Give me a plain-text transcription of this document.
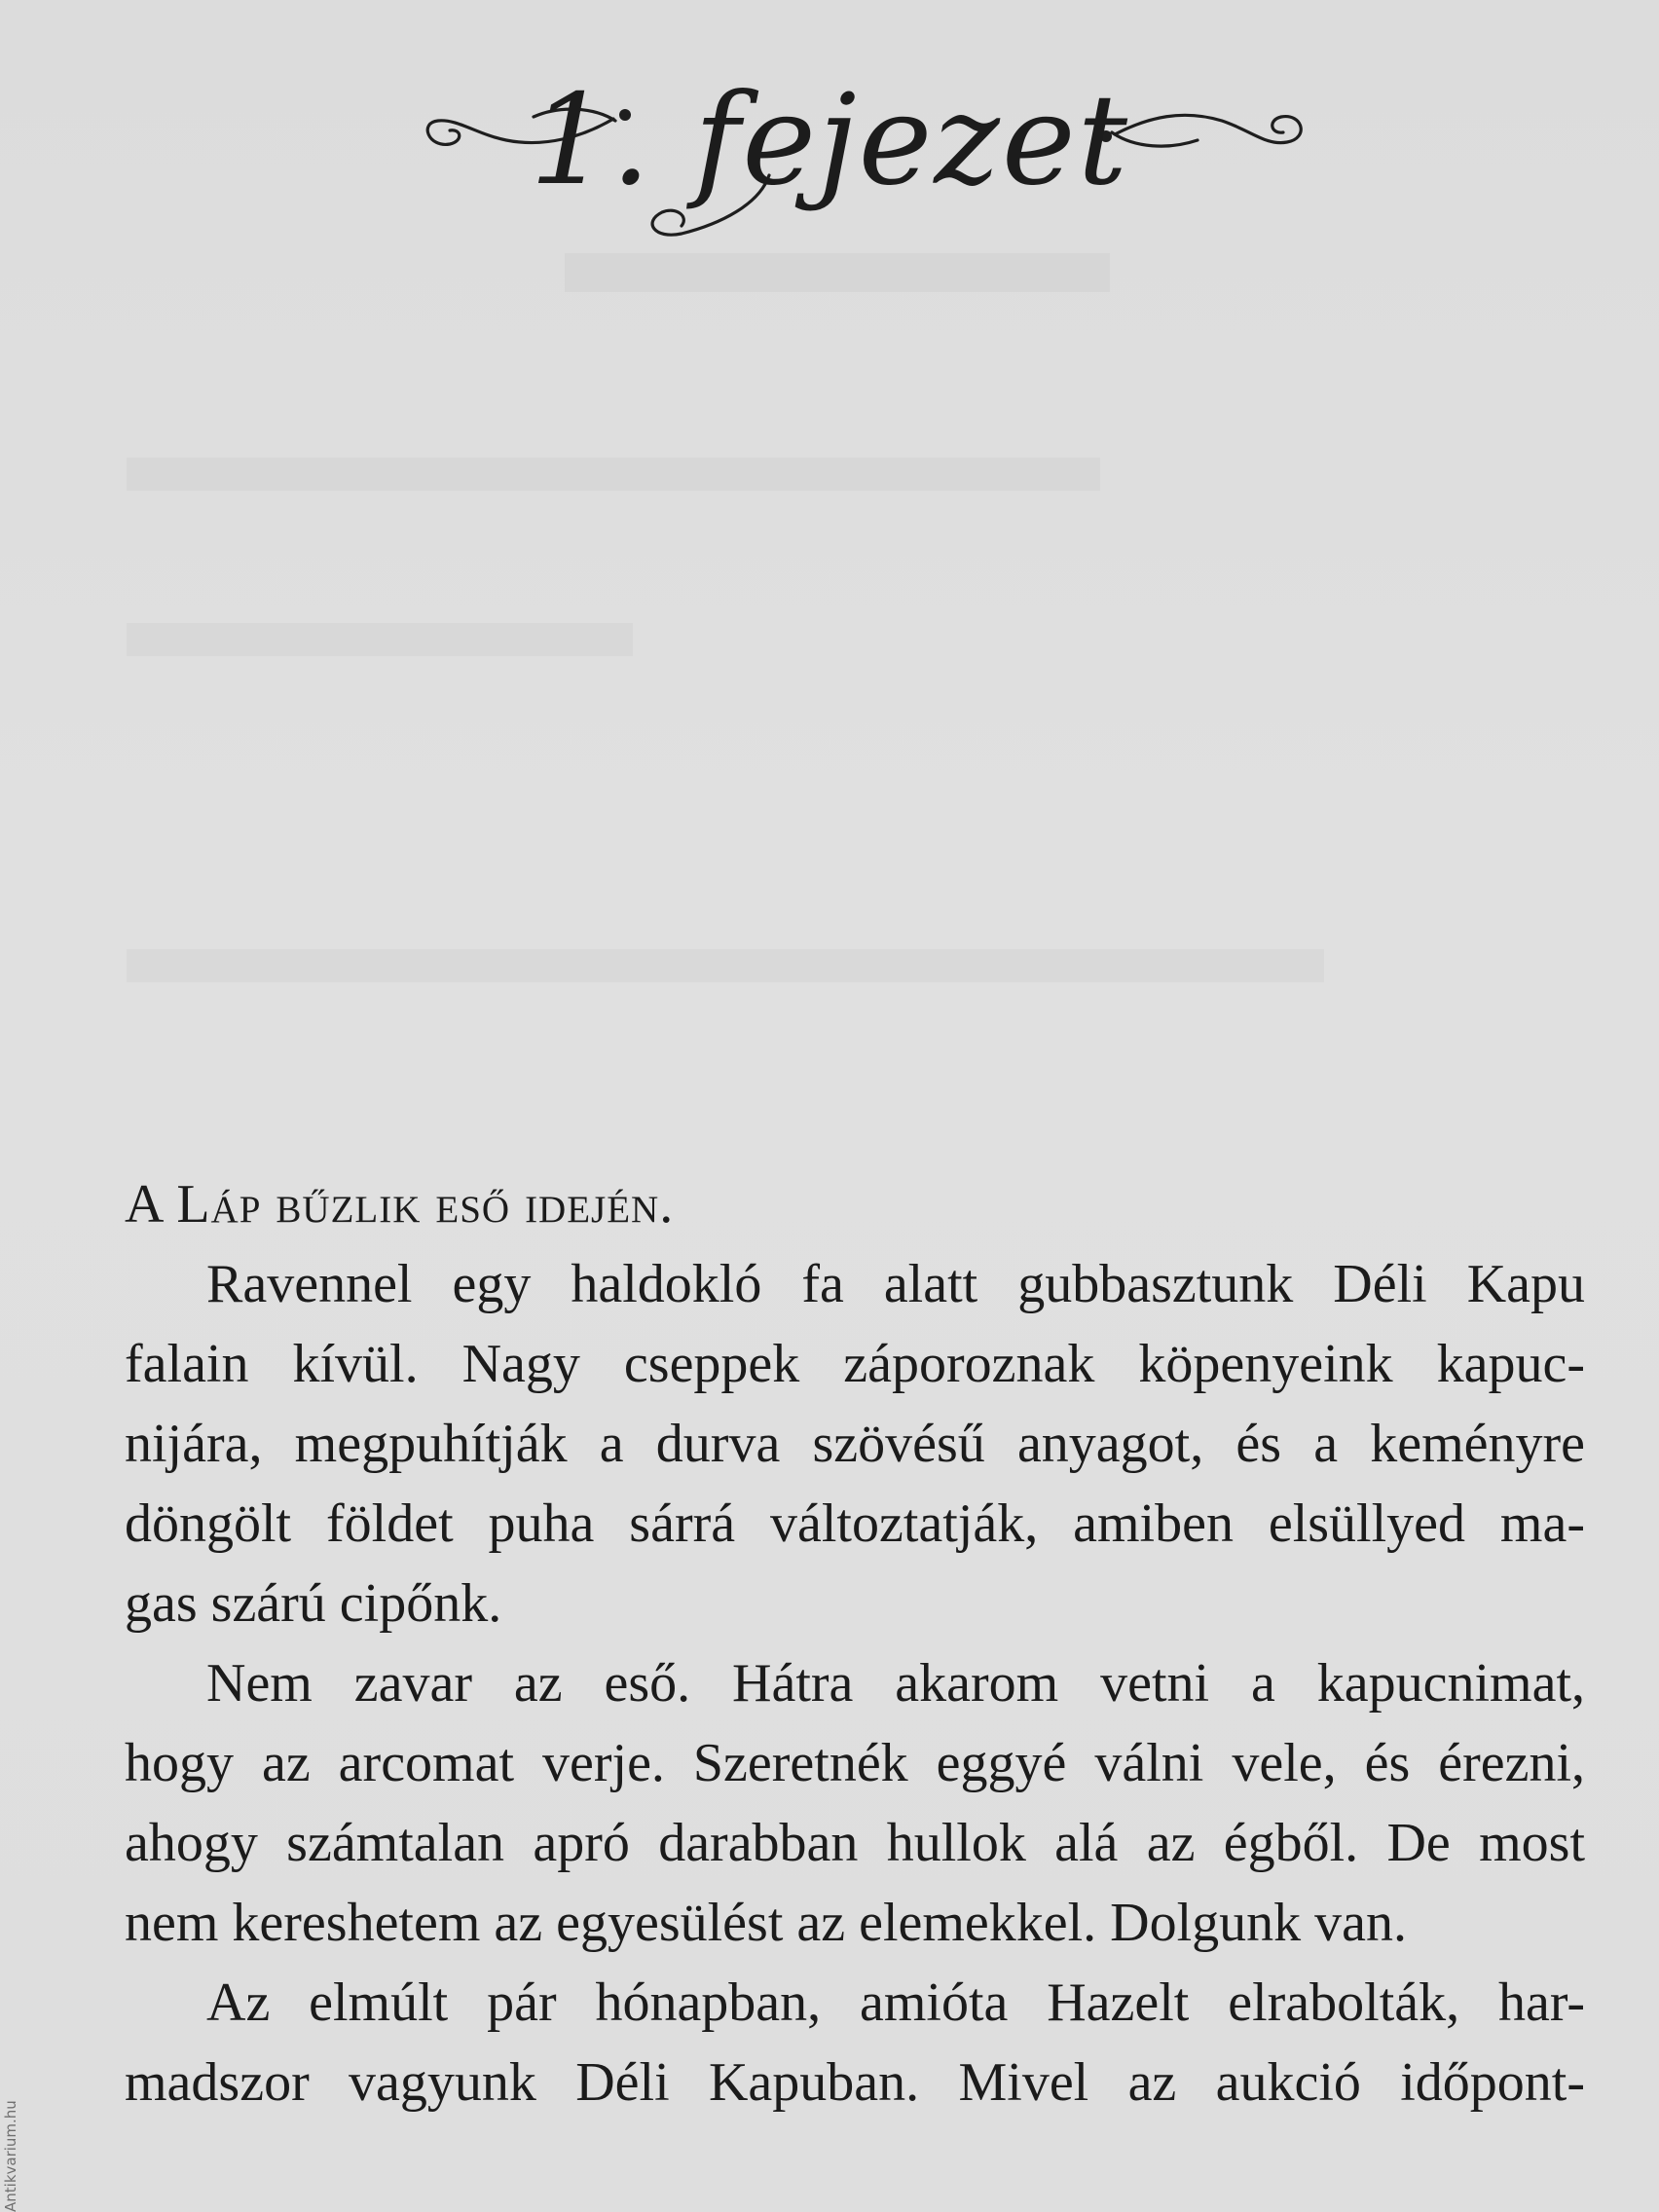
1. fejezet

A Láp bűzlik eső idején.

Ravennel egy haldokló fa alatt gubbasztunk Déli Kapu

falain kívül. Nagy cseppek záporoznak köpenyeink kapuc-

nijára, megpuhítják a durva szövésű anyagot, és a keményre

döngölt földet puha sárrá változtatják, amiben elsüllyed ma-

gas szárú cipőnk.

Nem zavar az eső. Hátra akarom vetni a kapucnimat,

hogy az arcomat verje. Szeretnék eggyé válni vele, és érezni,

ahogy számtalan apró darabban hullok alá az égből. De most

nem kereshetem az egyesülést az elemekkel. Dolgunk van.

Az elmúlt pár hónapban, amióta Hazelt elrabolták, har-

madszor vagyunk Déli Kapuban. Mivel az aukció időpont-

Antikvarium.hu
